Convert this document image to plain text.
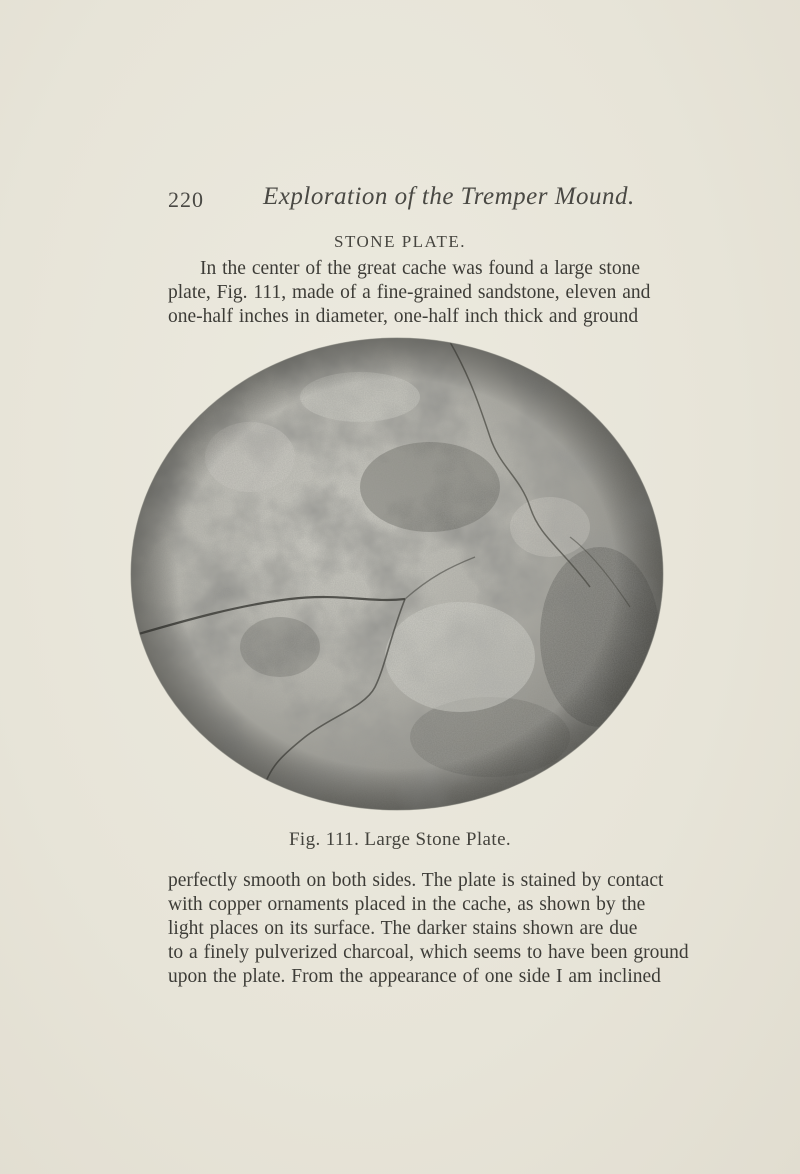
220 Exploration of the Tremper Mound.
STONE PLATE.
In the center of the great cache was found a large stone
plate, Fig. 111, made of a fine-grained sandstone, eleven and
one-half inches in diameter, one-half inch thick and ground
Fig. 111. Large Stone Plate.
perfectly smooth on both sides. The plate is stained by contact
with copper ornaments placed in the cache, as shown by the
light places on its surface. The darker stains shown are due
to a finely pulverized charcoal, which seems to have been ground
upon the plate. From the appearance of one side I am inclined
